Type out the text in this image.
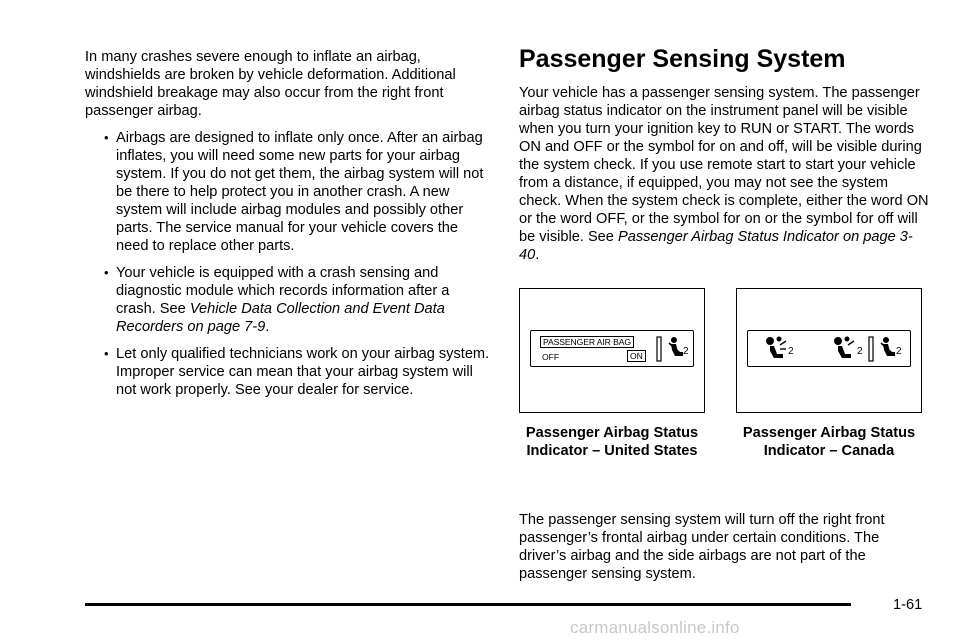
In many crashes severe enough to inflate an airbag, windshields are broken by vehicle deformation. Additional windshield breakage may also occur from the right front passenger airbag.

• Airbags are designed to inflate only once. After an airbag inflates, you will need some new parts for your airbag system. If you do not get them, the airbag system will not be there to help protect you in another crash. A new system will include airbag modules and possibly other parts. The service manual for your vehicle covers the need to replace other parts.
• Your vehicle is equipped with a crash sensing and diagnostic module which records information after a crash. See Vehicle Data Collection and Event Data Recorders on page 7-9.
• Let only qualified technicians work on your airbag system. Improper service can mean that your airbag system will not work properly. See your dealer for service.
Passenger Sensing System

Your vehicle has a passenger sensing system. The passenger airbag status indicator on the instrument panel will be visible when you turn your ignition key to RUN or START. The words ON and OFF or the symbol for on and off, will be visible during the system check. If you use remote start to start your vehicle from a distance, if equipped, you may not see the system check. When the system check is complete, either the word ON or the word OFF, or the symbol for on or the symbol for off will be visible. See Passenger Airbag Status Indicator on page 3-40.

PASSENGER AIR BAG
OFF	ON	2	2	2	2
Passenger Airbag Status Indicator – United States
Passenger Airbag Status Indicator – Canada

The passenger sensing system will turn off the right front passenger’s frontal airbag under certain conditions. The driver’s airbag and the side airbags are not part of the passenger sensing system.

1-61
carmanualsonline.info
